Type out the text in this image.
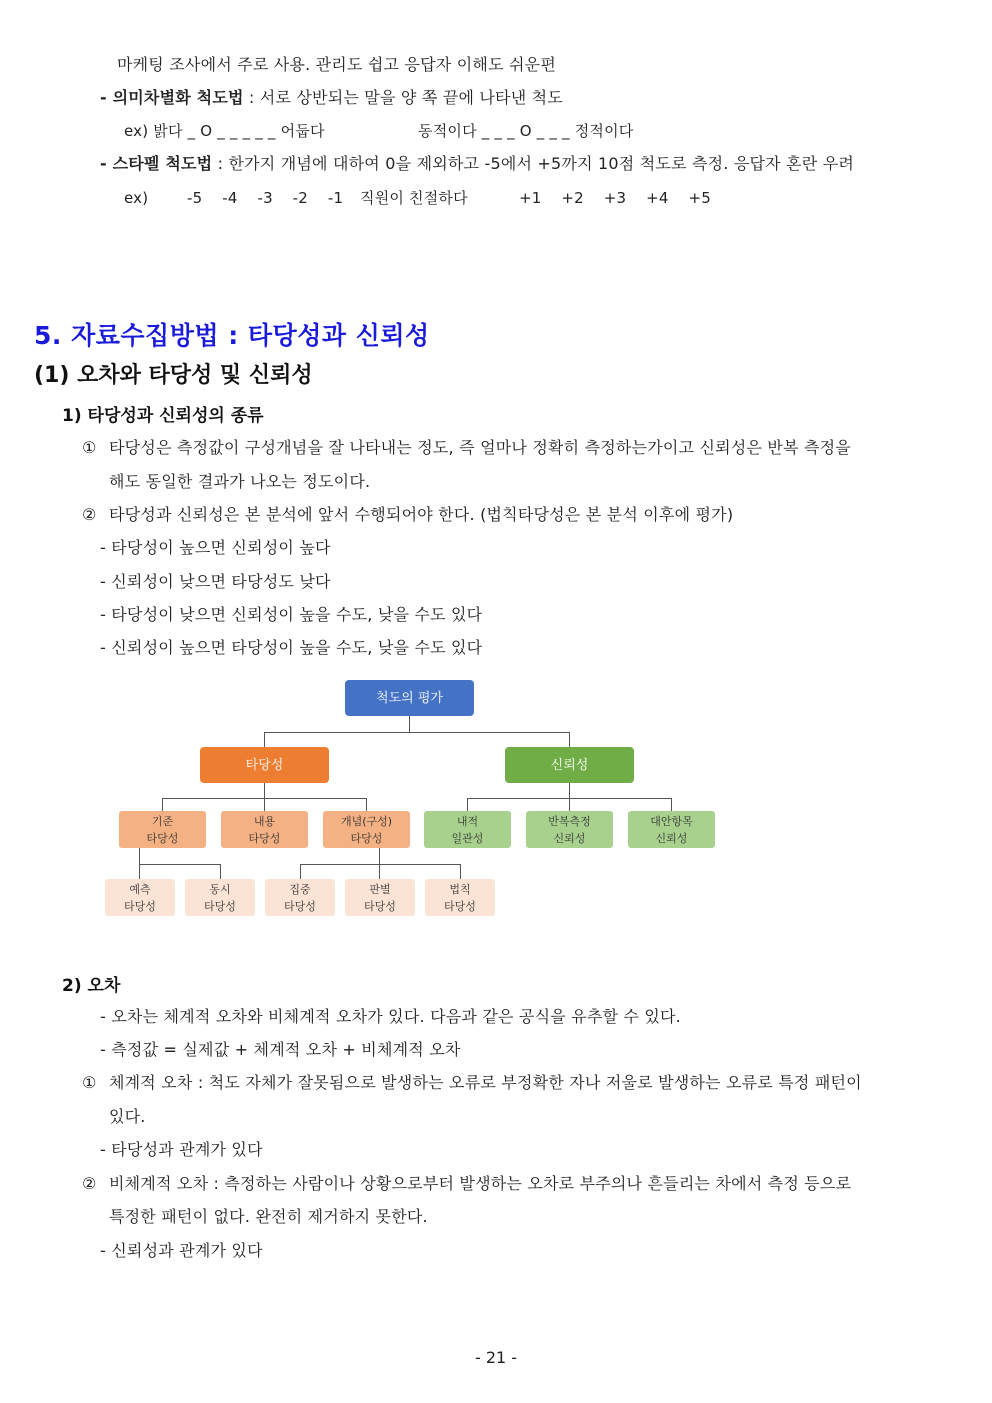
마케팅 조사에서 주로 사용. 관리도 쉽고 응답자 이해도 쉬운편
- 의미차별화 척도법 : 서로 상반되는 말을 양 쪽 끝에 나타낸 척도
ex) 밝다 _ O _ _ _ _ _ 어둡다	동적이다 _ _ _ O _ _ _ 정적이다
- 스타펠 척도법 : 한가지 개념에 대하여 0을 제외하고 -5에서 +5까지 10점 척도로 측정. 응답자 혼란 우려
ex)	-5    -4    -3    -2    -1 직원이 친절하다	+1    +2    +3    +4    +5
5. 자료수집방법 : 타당성과 신뢰성
(1) 오차와 타당성 및 신뢰성
1) 타당성과 신뢰성의 종류
① 타당성은 측정값이 구성개념을 잘 나타내는 정도, 즉 얼마나 정확히 측정하는가이고 신뢰성은 반복 측정을
해도 동일한 결과가 나오는 정도이다.
② 타당성과 신뢰성은 본 분석에 앞서 수행되어야 한다. (법칙타당성은 본 분석 이후에 평가)
- 타당성이 높으면 신뢰성이 높다
- 신뢰성이 낮으면 타당성도 낮다
- 타당성이 낮으면 신뢰성이 높을 수도, 낮을 수도 있다
- 신뢰성이 높으면 타당성이 높을 수도, 낮을 수도 있다
척도의 평가
타당성	신뢰성
기준
타당성
내용
타당성
개념(구성)
타당성
내적
일관성
반복측정
신뢰성
대안항목
신뢰성
예측
타당성
동시
타당성
집중
타당성
판별
타당성
법칙
타당성
2) 오차
- 오차는 체계적 오차와 비체계적 오차가 있다. 다음과 같은 공식을 유추할 수 있다.
- 측정값 = 실제값 + 체계적 오차 + 비체계적 오차
① 체계적 오차 : 척도 자체가 잘못됨으로 발생하는 오류로 부정확한 자나 저울로 발생하는 오류로 특정 패턴이
있다.
- 타당성과 관계가 있다
② 비체계적 오차 : 측정하는 사람이나 상황으로부터 발생하는 오차로 부주의나 흔들리는 차에서 측정 등으로
특정한 패턴이 없다. 완전히 제거하지 못한다.
- 신뢰성과 관계가 있다
- 21 -
